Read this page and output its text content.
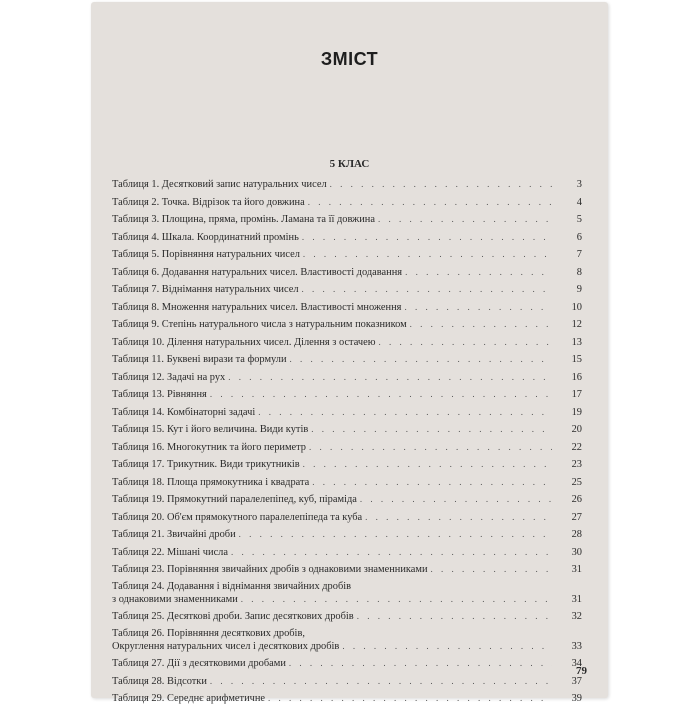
ЗМІСТ
5 КЛАС
Таблиця 1. Десятковий запис натуральних чисел . . .	3
Таблиця 2. Точка. Відрізок та його довжина . . .	4
Таблиця 3. Площина, пряма, промінь. Ламана та її довжина . . .	5
Таблиця 4. Шкала. Координатний промінь . . .	6
Таблиця 5. Порівняння натуральних чисел . . .	7
Таблиця 6. Додавання натуральних чисел. Властивості додавання . . .	8
Таблиця 7. Віднімання натуральних чисел . . .	9
Таблиця 8. Множення натуральних чисел. Властивості множення . . .	10
Таблиця 9. Степінь натурального числа з натуральним показником . . .	12
Таблиця 10. Ділення натуральних чисел. Ділення з остачею . . .	13
Таблиця 11. Буквені вирази та формули . . .	15
Таблиця 12. Задачі на рух . . .	16
Таблиця 13. Рівняння . . .	17
Таблиця 14. Комбінаторні задачі . . .	19
Таблиця 15. Кут і його величина. Види кутів . . .	20
Таблиця 16. Многокутник та його периметр . . .	22
Таблиця 17. Трикутник. Види трикутників . . .	23
Таблиця 18. Площа прямокутника і квадрата . . .	25
Таблиця 19. Прямокутний паралелепіпед, куб, піраміда . . .	26
Таблиця 20. Об'єм прямокутного паралелепіпеда та куба . . .	27
Таблиця 21. Звичайні дроби . . .	28
Таблиця 22. Мішані числа . . .	30
Таблиця 23. Порівняння звичайних дробів з однаковими знаменниками . . .	31
Таблиця 24. Додавання і віднімання звичайних дробів
з однаковими знаменниками . . .	31
Таблиця 25. Десяткові дроби. Запис десяткових дробів . . .	32
Таблиця 26. Порівняння десяткових дробів,
Округлення натуральних чисел і десяткових дробів . . .	33
Таблиця 27. Дії з десятковими дробами . . .	34
Таблиця 28. Відсотки . . .	37
Таблиця 29. Середнє арифметичне . . .	39
79
